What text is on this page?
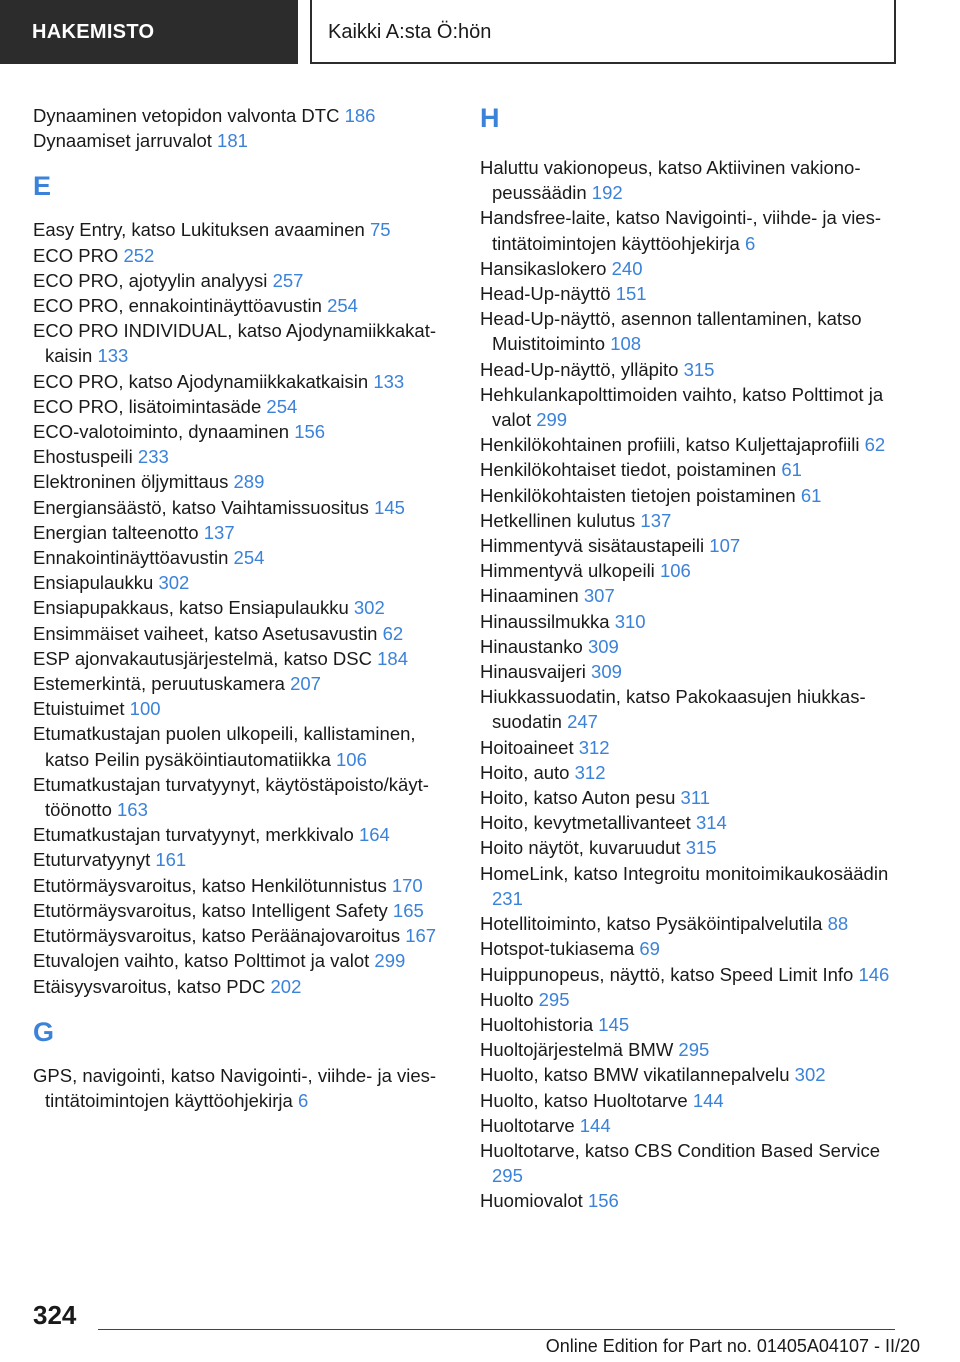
HAKEMISTO	Kaikki A:sta Ö:hön
Dynaaminen vetopidon valvonta DTC 186
Dynaamiset jarruvalot 181
E
Easy Entry, katso Lukituksen avaaminen 75
ECO PRO 252
ECO PRO, ajotyylin analyysi 257
ECO PRO, ennakointinäyttöavustin 254
ECO PRO INDIVIDUAL, katso Ajodynamiikkakatkaisin 133
ECO PRO, katso Ajodynamiikkakatkaisin 133
ECO PRO, lisätoimintasäde 254
ECO-valotoiminto, dynaaminen 156
Ehostuspeili 233
Elektroninen öljymittaus 289
Energiansäästö, katso Vaihtamissuositus 145
Energian talteenotto 137
Ennakointinäyttöavustin 254
Ensiapulaukku 302
Ensiapupakkaus, katso Ensiapulaukku 302
Ensimmäiset vaiheet, katso Asetusavustin 62
ESP ajonvakautusjärjestelmä, katso DSC 184
Estemerkintä, peruutuskamera 207
Etuistuimet 100
Etumatkustajan puolen ulkopeili, kallistaminen, katso Peilin pysäköintiautomatiikka 106
Etumatkustajan turvatyynyt, käytöstäpoisto/käyttöönotto 163
Etumatkustajan turvatyynyt, merkkivalo 164
Etuturvatyynyt 161
Etutörmäysvaroitus, katso Henkilötunnistus 170
Etutörmäysvaroitus, katso Intelligent Safety 165
Etutörmäysvaroitus, katso Peräänajovaroitus 167
Etuvalojen vaihto, katso Polttimot ja valot 299
Etäisyysvaroitus, katso PDC 202
G
GPS, navigointi, katso Navigointi-, viihde- ja viestintätoimintojen käyttöohjekirja 6
H
Haluttu vakionopeus, katso Aktiivinen vakionopeussäädin 192
Handsfree-laite, katso Navigointi-, viihde- ja viestintätoimintojen käyttöohjekirja 6
Hansikaslokero 240
Head-Up-näyttö 151
Head-Up-näyttö, asennon tallentaminen, katso Muistitoiminto 108
Head-Up-näyttö, ylläpito 315
Hehkulankapolttimoiden vaihto, katso Polttimot ja valot 299
Henkilökohtainen profiili, katso Kuljettajaprofiili 62
Henkilökohtaiset tiedot, poistaminen 61
Henkilökohtaisten tietojen poistaminen 61
Hetkellinen kulutus 137
Himmentyvä sisätaustapeili 107
Himmentyvä ulkopeili 106
Hinaaminen 307
Hinaussilmukka 310
Hinaustanko 309
Hinausvaijeri 309
Hiukkassuodatin, katso Pakokaasujen hiukkassuodatin 247
Hoitoaineet 312
Hoito, auto 312
Hoito, katso Auton pesu 311
Hoito, kevytmetallivanteet 314
Hoito näytöt, kuvaruudut 315
HomeLink, katso Integroitu monitoimikaukosäädin 231
Hotellitoiminto, katso Pysäköintipalvelutila 88
Hotspot-tukiasema 69
Huippunopeus, näyttö, katso Speed Limit Info 146
Huolto 295
Huoltohistoria 145
Huoltojärjestelmä BMW 295
Huolto, katso BMW vikatilannepalvelu 302
Huolto, katso Huoltotarve 144
Huoltotarve 144
Huoltotarve, katso CBS Condition Based Service 295
Huomiovalot 156
324
Online Edition for Part no. 01405A04107 - II/20
